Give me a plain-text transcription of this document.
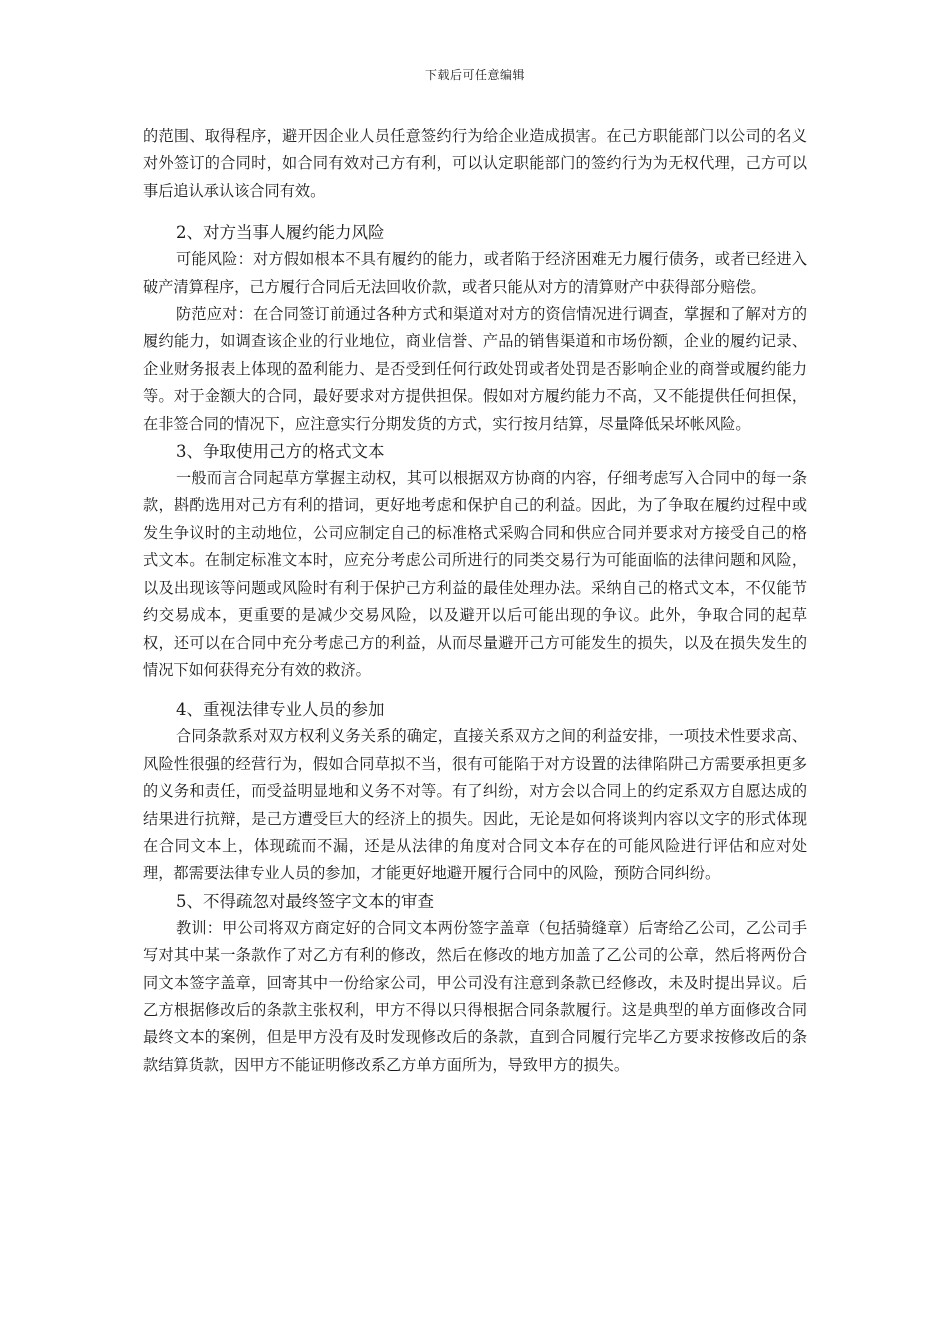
下载后可任意编辑

的范围、取得程序，避开因企业人员任意签约行为给企业造成损害。在己方职能部门以公司的名义对外签订的合同时，如合同有效对己方有利，可以认定职能部门的签约行为为无权代理，己方可以事后追认承认该合同有效。

2、对方当事人履约能力风险

可能风险：对方假如根本不具有履约的能力，或者陷于经济困难无力履行债务，或者已经进入破产清算程序，己方履行合同后无法回收价款，或者只能从对方的清算财产中获得部分赔偿。

防范应对：在合同签订前通过各种方式和渠道对对方的资信情况进行调查，掌握和了解对方的履约能力，如调查该企业的行业地位，商业信誉、产品的销售渠道和市场份额，企业的履约记录、企业财务报表上体现的盈利能力、是否受到任何行政处罚或者处罚是否影响企业的商誉或履约能力等。对于金额大的合同，最好要求对方提供担保。假如对方履约能力不高，又不能提供任何担保，在非签合同的情况下，应注意实行分期发货的方式，实行按月结算，尽量降低呆坏帐风险。

3、争取使用己方的格式文本

一般而言合同起草方掌握主动权，其可以根据双方协商的内容，仔细考虑写入合同中的每一条款，斟酌选用对己方有利的措词，更好地考虑和保护自己的利益。因此，为了争取在履约过程中或发生争议时的主动地位，公司应制定自己的标准格式采购合同和供应合同并要求对方接受自己的格式文本。在制定标准文本时，应充分考虑公司所进行的同类交易行为可能面临的法律问题和风险，以及出现该等问题或风险时有利于保护己方利益的最佳处理办法。采纳自己的格式文本，不仅能节约交易成本，更重要的是减少交易风险，以及避开以后可能出现的争议。此外，争取合同的起草权，还可以在合同中充分考虑己方的利益，从而尽量避开己方可能发生的损失，以及在损失发生的情况下如何获得充分有效的救济。

4、重视法律专业人员的参加

合同条款系对双方权利义务关系的确定，直接关系双方之间的利益安排，一项技术性要求高、风险性很强的经营行为，假如合同草拟不当，很有可能陷于对方设置的法律陷阱己方需要承担更多的义务和责任，而受益明显地和义务不对等。有了纠纷，对方会以合同上的约定系双方自愿达成的结果进行抗辩，是己方遭受巨大的经济上的损失。因此，无论是如何将谈判内容以文字的形式体现在合同文本上，体现疏而不漏，还是从法律的角度对合同文本存在的可能风险进行评估和应对处理，都需要法律专业人员的参加，才能更好地避开履行合同中的风险，预防合同纠纷。

5、不得疏忽对最终签字文本的审查

教训：甲公司将双方商定好的合同文本两份签字盖章（包括骑缝章）后寄给乙公司，乙公司手写对其中某一条款作了对乙方有利的修改，然后在修改的地方加盖了乙公司的公章，然后将两份合同文本签字盖章，回寄其中一份给家公司，甲公司没有注意到条款已经修改，未及时提出异议。后乙方根据修改后的条款主张权利，甲方不得以只得根据合同条款履行。这是典型的单方面修改合同最终文本的案例，但是甲方没有及时发现修改后的条款，直到合同履行完毕乙方要求按修改后的条款结算货款，因甲方不能证明修改系乙方单方面所为，导致甲方的损失。
